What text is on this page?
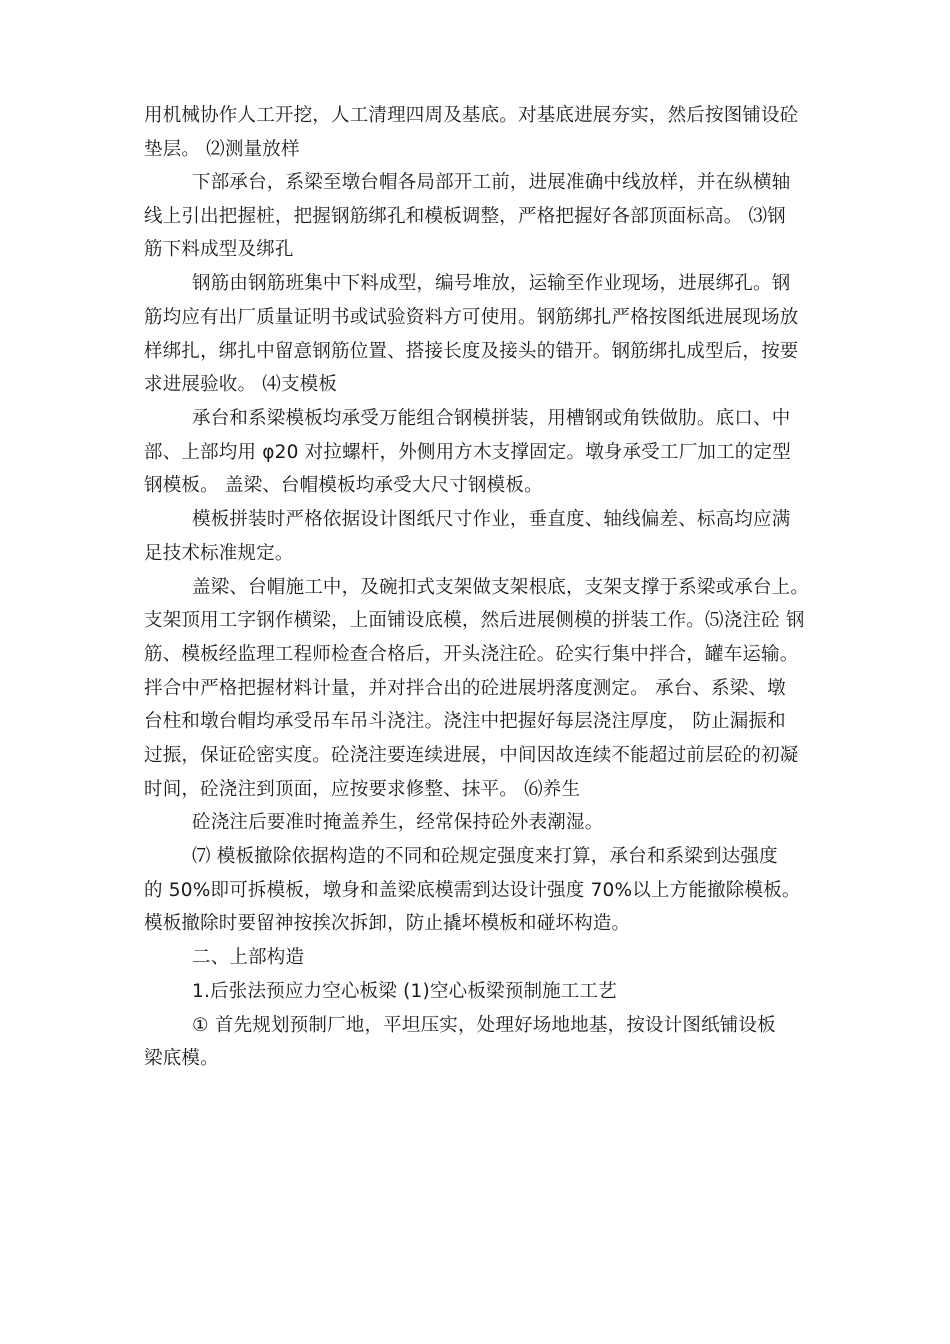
用机械协作人工开挖，人工清理四周及基底。对基底进展夯实，然后按图铺设砼
垫层。 ⑵测量放样
下部承台，系梁至墩台帽各局部开工前，进展准确中线放样，并在纵横轴
线上引出把握桩，把握钢筋绑孔和模板调整，严格把握好各部顶面标高。 ⑶钢
筋下料成型及绑孔
钢筋由钢筋班集中下料成型，编号堆放，运输至作业现场，进展绑孔。钢
筋均应有出厂质量证明书或试验资料方可使用。钢筋绑扎严格按图纸进展现场放
样绑扎，绑扎中留意钢筋位置、搭接长度及接头的错开。钢筋绑扎成型后，按要
求进展验收。 ⑷支模板
承台和系梁模板均承受万能组合钢模拼装，用槽钢或角铁做肋。底口、中
部、上部均用 φ20 对拉螺杆，外侧用方木支撑固定。墩身承受工厂加工的定型
钢模板。 盖梁、台帽模板均承受大尺寸钢模板。
模板拼装时严格依据设计图纸尺寸作业，垂直度、轴线偏差、标高均应满
足技术标准规定。
盖梁、台帽施工中，及碗扣式支架做支架根底，支架支撑于系梁或承台上。
支架顶用工字钢作横梁，上面铺设底模，然后进展侧模的拼装工作。⑸浇注砼 钢
筋、模板经监理工程师检查合格后，开头浇注砼。砼实行集中拌合，罐车运输。
拌合中严格把握材料计量，并对拌合出的砼进展坍落度测定。 承台、系梁、墩
台柱和墩台帽均承受吊车吊斗浇注。浇注中把握好每层浇注厚度， 防止漏振和
过振，保证砼密实度。砼浇注要连续进展，中间因故连续不能超过前层砼的初凝
时间，砼浇注到顶面，应按要求修整、抹平。 ⑹养生
砼浇注后要准时掩盖养生，经常保持砼外表潮湿。
⑺ 模板撤除依据构造的不同和砼规定强度来打算，承台和系梁到达强度
的 50%即可拆模板，墩身和盖梁底模需到达设计强度 70%以上方能撤除模板。
模板撤除时要留神按挨次拆卸，防止撬坏模板和碰坏构造。
二、上部构造
1.后张法预应力空心板梁 (1)空心板梁预制施工工艺
① 首先规划预制厂地，平坦压实，处理好场地地基，按设计图纸铺设板
梁底模。
